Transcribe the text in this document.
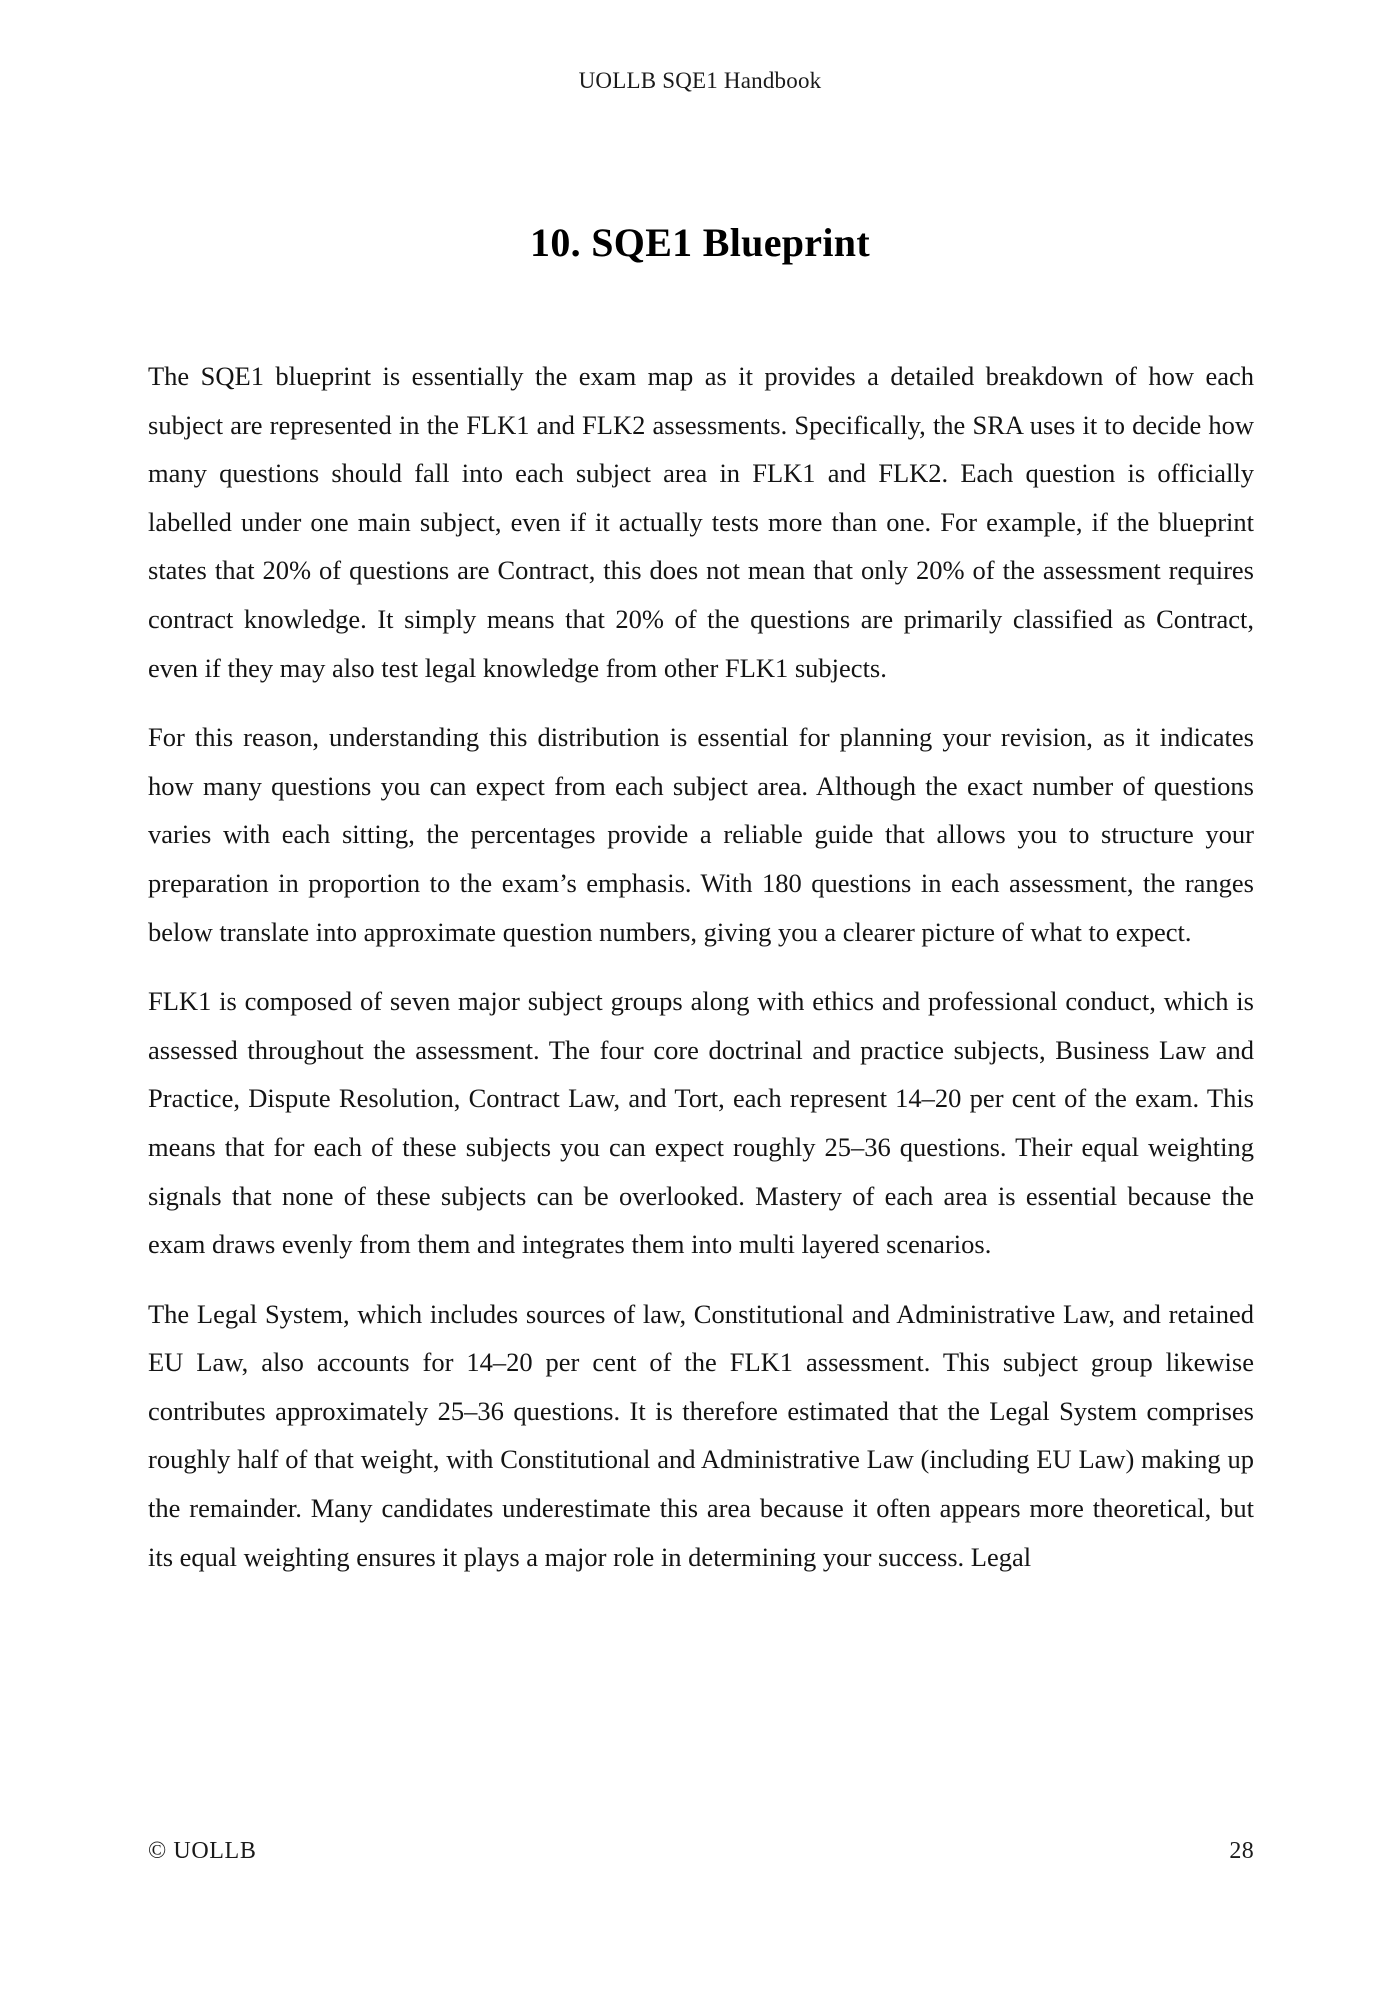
UOLLB SQE1 Handbook
10. SQE1 Blueprint

The SQE1 blueprint is essentially the exam map as it provides a detailed breakdown of how each subject are represented in the FLK1 and FLK2 assessments. Specifically, the SRA uses it to decide how many questions should fall into each subject area in FLK1 and FLK2. Each question is officially labelled under one main subject, even if it actually tests more than one. For example, if the blueprint states that 20% of questions are Contract, this does not mean that only 20% of the assessment requires contract knowledge. It simply means that 20% of the questions are primarily classified as Contract, even if they may also test legal knowledge from other FLK1 subjects.

For this reason, understanding this distribution is essential for planning your revision, as it indicates how many questions you can expect from each subject area. Although the exact number of questions varies with each sitting, the percentages provide a reliable guide that allows you to structure your preparation in proportion to the exam’s emphasis. With 180 questions in each assessment, the ranges below translate into approximate question numbers, giving you a clearer picture of what to expect.

FLK1 is composed of seven major subject groups along with ethics and professional conduct, which is assessed throughout the assessment. The four core doctrinal and practice subjects, Business Law and Practice, Dispute Resolution, Contract Law, and Tort, each represent 14–20 per cent of the exam. This means that for each of these subjects you can expect roughly 25–36 questions. Their equal weighting signals that none of these subjects can be overlooked. Mastery of each area is essential because the exam draws evenly from them and integrates them into multi layered scenarios.

The Legal System, which includes sources of law, Constitutional and Administrative Law, and retained EU Law, also accounts for 14–20 per cent of the FLK1 assessment. This subject group likewise contributes approximately 25–36 questions. It is therefore estimated that the Legal System comprises roughly half of that weight, with Constitutional and Administrative Law (including EU Law) making up the remainder. Many candidates underestimate this area because it often appears more theoretical, but its equal weighting ensures it plays a major role in determining your success. Legal

© UOLLB	28
